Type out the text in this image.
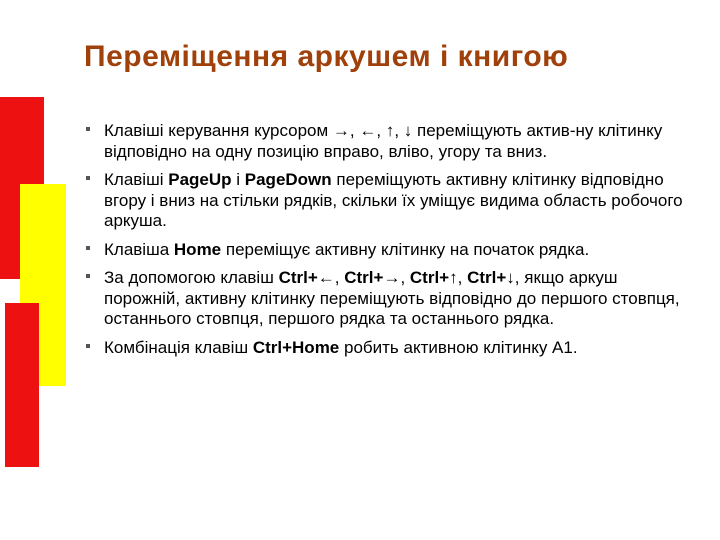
Переміщення аркушем і книгою
Клавіші керування курсором →, ←, ↑, ↓ переміщують актив-ну клітинку відповідно на одну позицію вправо, вліво, угору та вниз.
Клавіші PageUp і PageDown переміщують активну клітинку відповідно вгору і вниз на стільки рядків, скільки їх уміщує видима область робочого аркуша.
Клавіша Home переміщує активну клітинку на початок рядка.
За допомогою клавіш Ctrl+←, Ctrl+→, Ctrl+↑, Ctrl+↓, якщо аркуш порожній, активну клітинку переміщують відповідно до першого стовпця, останнього стовпця, першого рядка та останнього рядка.
Комбінація клавіш Ctrl+Home робить активною клітинку A1.
